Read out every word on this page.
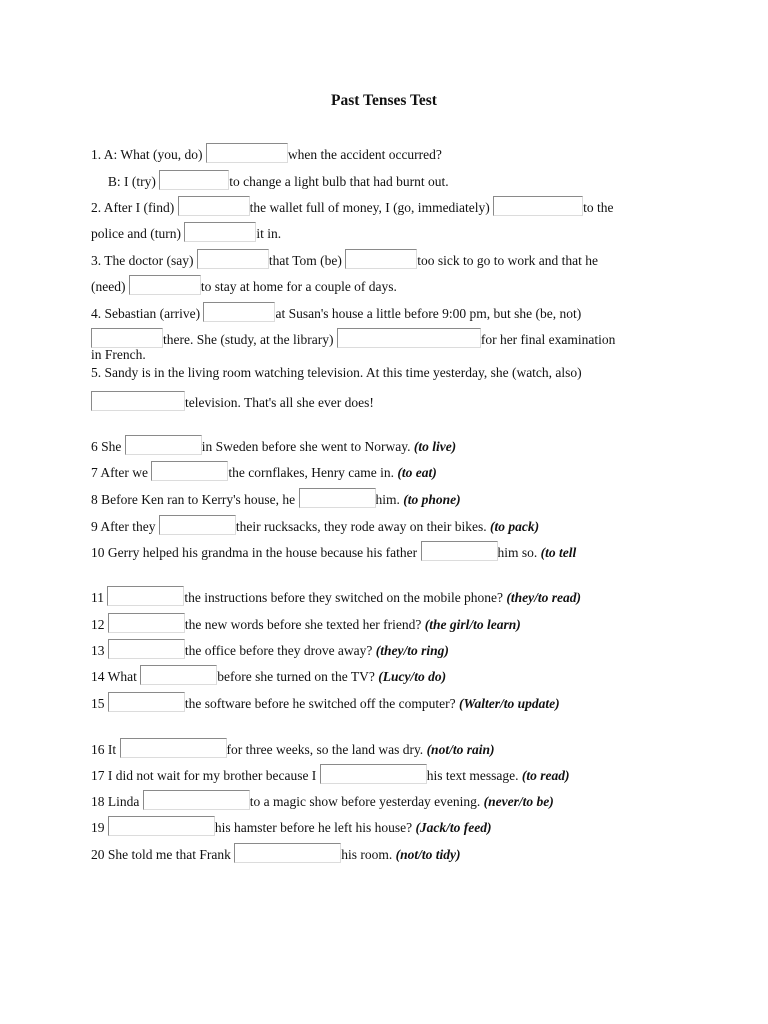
Past Tenses Test
1. A: What (you, do)	when the accident occurred?
B: I (try)	to change a light bulb that had burnt out.
2. After I (find)	the wallet full of money, I (go, immediately)	to the
police and (turn)	it in.
3. The doctor (say)	that Tom (be)	too sick to go to work and that he
(need)	to stay at home for a couple of days.
4. Sebastian (arrive)	at Susan's house a little before 9:00 pm, but she (be, not)
there. She (study, at the library)	for her final examination
in French.
5. Sandy is in the living room watching television. At this time yesterday, she (watch, also)
television. That's all she ever does!
6 She	in Sweden before she went to Norway. (to live)
7 After we	the cornflakes, Henry came in. (to eat)
8 Before Ken ran to Kerry's house, he	him. (to phone)
9 After they	their rucksacks, they rode away on their bikes. (to pack)
10 Gerry helped his grandma in the house because his father	him so. (to tell
11	the instructions before they switched on the mobile phone? (they/to read)
12	the new words before she texted her friend? (the girl/to learn)
13	the office before they drove away? (they/to ring)
14 What	before she turned on the TV? (Lucy/to do)
15	the software before he switched off the computer? (Walter/to update)
16 It	for three weeks, so the land was dry. (not/to rain)
17 I did not wait for my brother because I	his text message. (to read)
18 Linda	to a magic show before yesterday evening. (never/to be)
19	his hamster before he left his house? (Jack/to feed)
20 She told me that Frank	his room. (not/to tidy)
